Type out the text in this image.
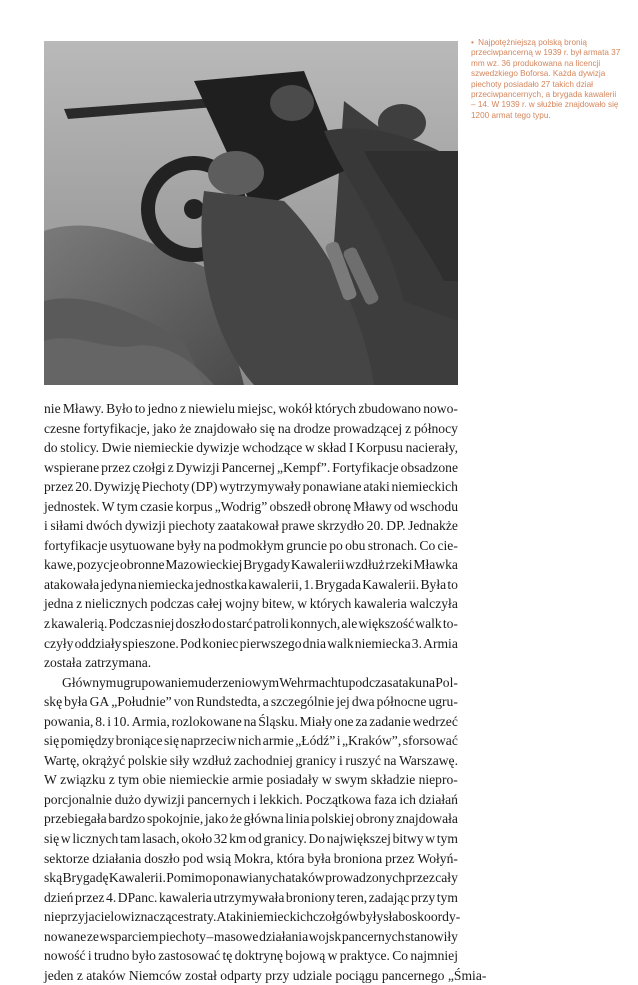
• Najpotężniejszą polską bronią przeciwpancerną w 1939 r. był armata 37 mm wz. 36 produkowana na licencji szwedzkiego Boforsa. Każda dywizja piechoty posiadało 27 takich dział przeciwpancernych, a brygada kawalerii – 14. W 1939 r. w służbie znajdowało się 1200 armat tego typu.
nie Mławy. Było to jedno z niewielu miejsc, wokół których zbudowano nowo-
czesne fortyfikacje, jako że znajdowało się na drodze prowadzącej z północy
do stolicy. Dwie niemieckie dywizje wchodzące w skład I Korpusu nacierały,
wspierane przez czołgi z Dywizji Pancernej „Kempf”. Fortyfikacje obsadzone
przez 20. Dywizję Piechoty (DP) wytrzymywały ponawiane ataki niemieckich
jednostek. W tym czasie korpus „Wodrig” obszedł obronę Mławy od wschodu
i siłami dwóch dywizji piechoty zaatakował prawe skrzydło 20. DP. Jednakże
fortyfikacje usytuowane były na podmokłym gruncie po obu stronach. Co cie-
kawe, pozycje obronne Mazowieckiej Brygady Kawalerii wzdłuż rzeki Mławka
atakowała jedyna niemiecka jednostka kawalerii, 1. Brygada Kawalerii. Była to
jedna z nielicznych podczas całej wojny bitew, w których kawaleria walczyła
z kawalerią. Podczas niej doszło do starć patroli konnych, ale większość walk to-
czyły oddziały spieszone. Pod koniec pierwszego dnia walk niemiecka 3. Armia
została zatrzymana.
Głównym ugrupowaniem uderzeniowym Wehrmachtu podczas ataku na Pol-
skę była GA „Południe” von Rundstedta, a szczególnie jej dwa północne ugru-
powania, 8. i 10. Armia, rozlokowane na Śląsku. Miały one za zadanie wedrzeć
się pomiędzy broniące się naprzeciw nich armie „Łódź” i „Kraków”, sforsować
Wartę, okrążyć polskie siły wzdłuż zachodniej granicy i ruszyć na Warszawę.
W związku z tym obie niemieckie armie posiadały w swym składzie niepro-
porcjonalnie dużo dywizji pancernych i lekkich. Początkowa faza ich działań
przebiegała bardzo spokojnie, jako że główna linia polskiej obrony znajdowała
się w licznych tam lasach, około 32 km od granicy. Do największej bitwy w tym
sektorze działania doszło pod wsią Mokra, która była broniona przez Wołyń-
ską Brygadę Kawalerii. Pomimo ponawianych ataków prowadzonych przez cały
dzień przez 4. DPanc. kawaleria utrzymywała broniony teren, zadając przy tym
nieprzyjacielowi znaczące straty. Ataki niemieckich czołgów były słabo skoordy-
nowane ze wsparciem piechoty – masowe działania wojsk pancernych stanowiły
nowość i trudno było zastosować tę doktrynę bojową w praktyce. Co najmniej
jeden z ataków Niemców został odparty przy udziale pociągu pancernego „Śmia-
